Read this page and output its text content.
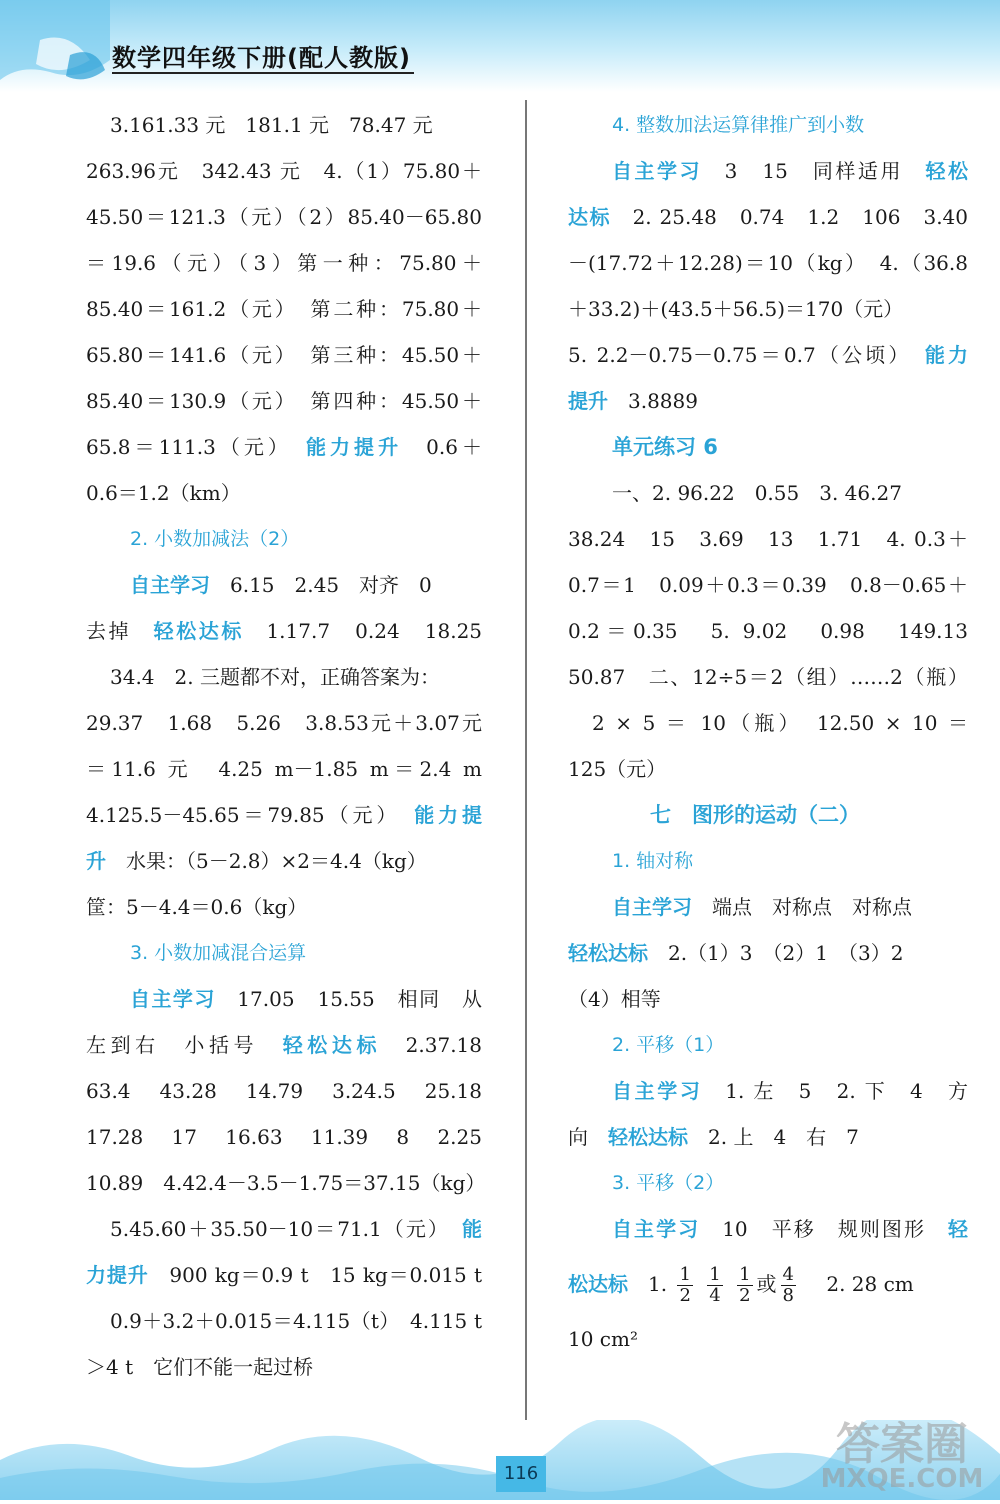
数学四年级下册(配人教版)
3.161.33 元　181.1 元　78.47 元
263.96元　342.43 元　4.（1）75.80＋
45.50＝121.3（元）（2）85.40－65.80
＝19.6（元）（3）第一种：75.80＋
85.40＝161.2（元）　第二种：75.80＋
65.80＝141.6（元）　第三种：45.50＋
85.40＝130.9（元）　第四种：45.50＋
65.8＝111.3（元）　 能力提升　 0.6＋
0.6＝1.2（km）
2. 小数加减法（2）
自主学习　 6.15　2.45　对齐　0
去掉　 轻松达标　 1.17.7　0.24　18.25
34.4　2. 三题都不对，正确答案为：
29.37　1.68　5.26　3.8.53元＋3.07元
＝11.6 元　4.25 m－1.85 m＝2.4 m
4.125.5－45.65＝79.85（元）　 能力提
升　 水果：（5－2.8）×2＝4.4（kg）
筐：5－4.4＝0.6（kg）
3. 小数加减混合运算
自主学习　 17.05　15.55　相同　从
左到右　小括号　 轻松达标　 2.37.18
63.4　43.28　14.79　3.24.5　25.18
17.28　17　16.63　11.39　8　2.25
10.89　4.42.4－3.5－1.75＝37.15（kg）
5.45.60＋35.50－10＝71.1（元）　 能
力提升　 900 kg＝0.9 t　15 kg＝0.015 t
0.9＋3.2＋0.015＝4.115（t）　4.115 t
＞4 t　它们不能一起过桥
4. 整数加法运算律推广到小数
自主学习　 3　15　同样适用　 轻松
达标　 2. 25.48　0.74　1.2　106　3.40
－(17.72＋12.28)＝10（kg）　4.（36.8
＋33.2)＋(43.5＋56.5)＝170（元）
5. 2.2－0.75－0.75＝0.7（公顷）　 能力
提升　 3.8889
单元练习 6
一、2. 96.22　0.55　3. 46.27
38.24　15　3.69　13　1.71　4. 0.3＋
0.7＝1　0.09＋0.3＝0.39　0.8－0.65＋
0.2＝0.35　5. 9.02　0.98　149.13
50.87　二、12÷5＝2（组）……2（瓶）
2 × 5 ＝ 10（瓶）　12.50 × 10 ＝
125（元）
七　图形的运动（二）
1. 轴对称
自主学习　 端点　对称点　对称点
轻松达标　 2.（1）3　（2）1　（3）2
（4）相等
2. 平移（1）
自主学习　 1. 左　5　2. 下　4　方
向　 轻松达标　 2. 上　4　右　7
3. 平移（2）
自主学习　 10　平移　规则图形　 轻
松达标　 1. $\frac{1}{2}$
$\frac{1}{4}$
$\frac{1}{2}$ 或 $\frac{4}{8}$
　 2. 28 cm
10 cm²
116
答案圈
MXQE.COM
